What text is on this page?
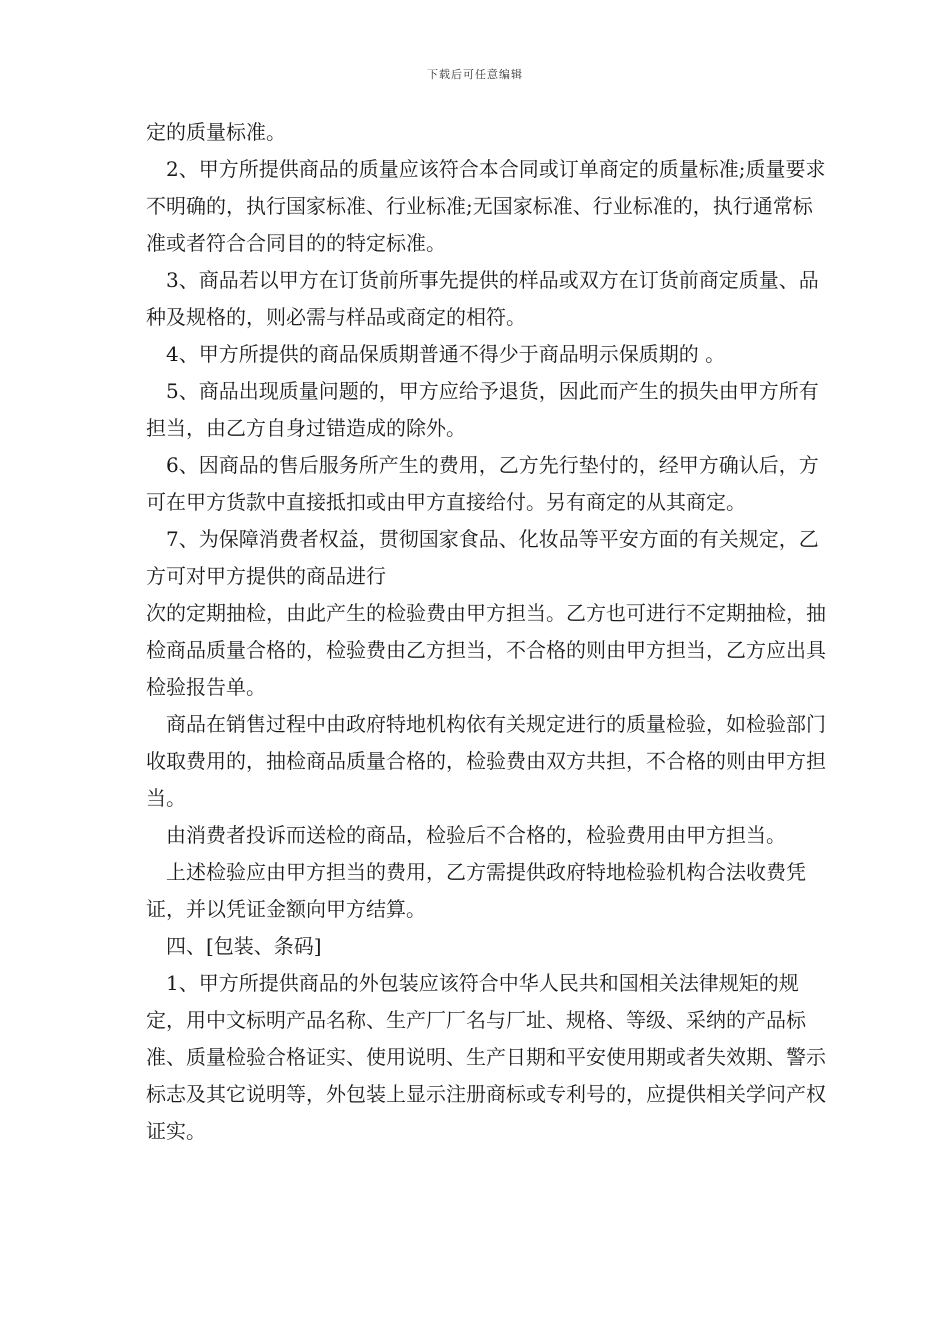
下载后可任意编辑

定的质量标准。

2、甲方所提供商品的质量应该符合本合同或订单商定的质量标准;质量要求不明确的，执行国家标准、行业标准;无国家标准、行业标准的，执行通常标准或者符合合同目的的特定标准。

3、商品若以甲方在订货前所事先提供的样品或双方在订货前商定质量、品种及规格的，则必需与样品或商定的相符。

4、甲方所提供的商品保质期普通不得少于商品明示保质期的 。

5、商品出现质量问题的，甲方应给予退货，因此而产生的损失由甲方所有担当，由乙方自身过错造成的除外。

6、因商品的售后服务所产生的费用，乙方先行垫付的，经甲方确认后，方可在甲方货款中直接抵扣或由甲方直接给付。另有商定的从其商定。

7、为保障消费者权益，贯彻国家食品、化妆品等平安方面的有关规定，乙方可对甲方提供的商品进行

次的定期抽检，由此产生的检验费由甲方担当。乙方也可进行不定期抽检，抽检商品质量合格的，检验费由乙方担当，不合格的则由甲方担当，乙方应出具检验报告单。

商品在销售过程中由政府特地机构依有关规定进行的质量检验，如检验部门收取费用的，抽检商品质量合格的，检验费由双方共担，不合格的则由甲方担当。

由消费者投诉而送检的商品，检验后不合格的，检验费用由甲方担当。

上述检验应由甲方担当的费用，乙方需提供政府特地检验机构合法收费凭证，并以凭证金额向甲方结算。

四、[包装、条码]

1、甲方所提供商品的外包装应该符合中华人民共和国相关法律规矩的规定，用中文标明产品名称、生产厂厂名与厂址、规格、等级、采纳的产品标准、质量检验合格证实、使用说明、生产日期和平安使用期或者失效期、警示标志及其它说明等，外包装上显示注册商标或专利号的，应提供相关学问产权证实。
